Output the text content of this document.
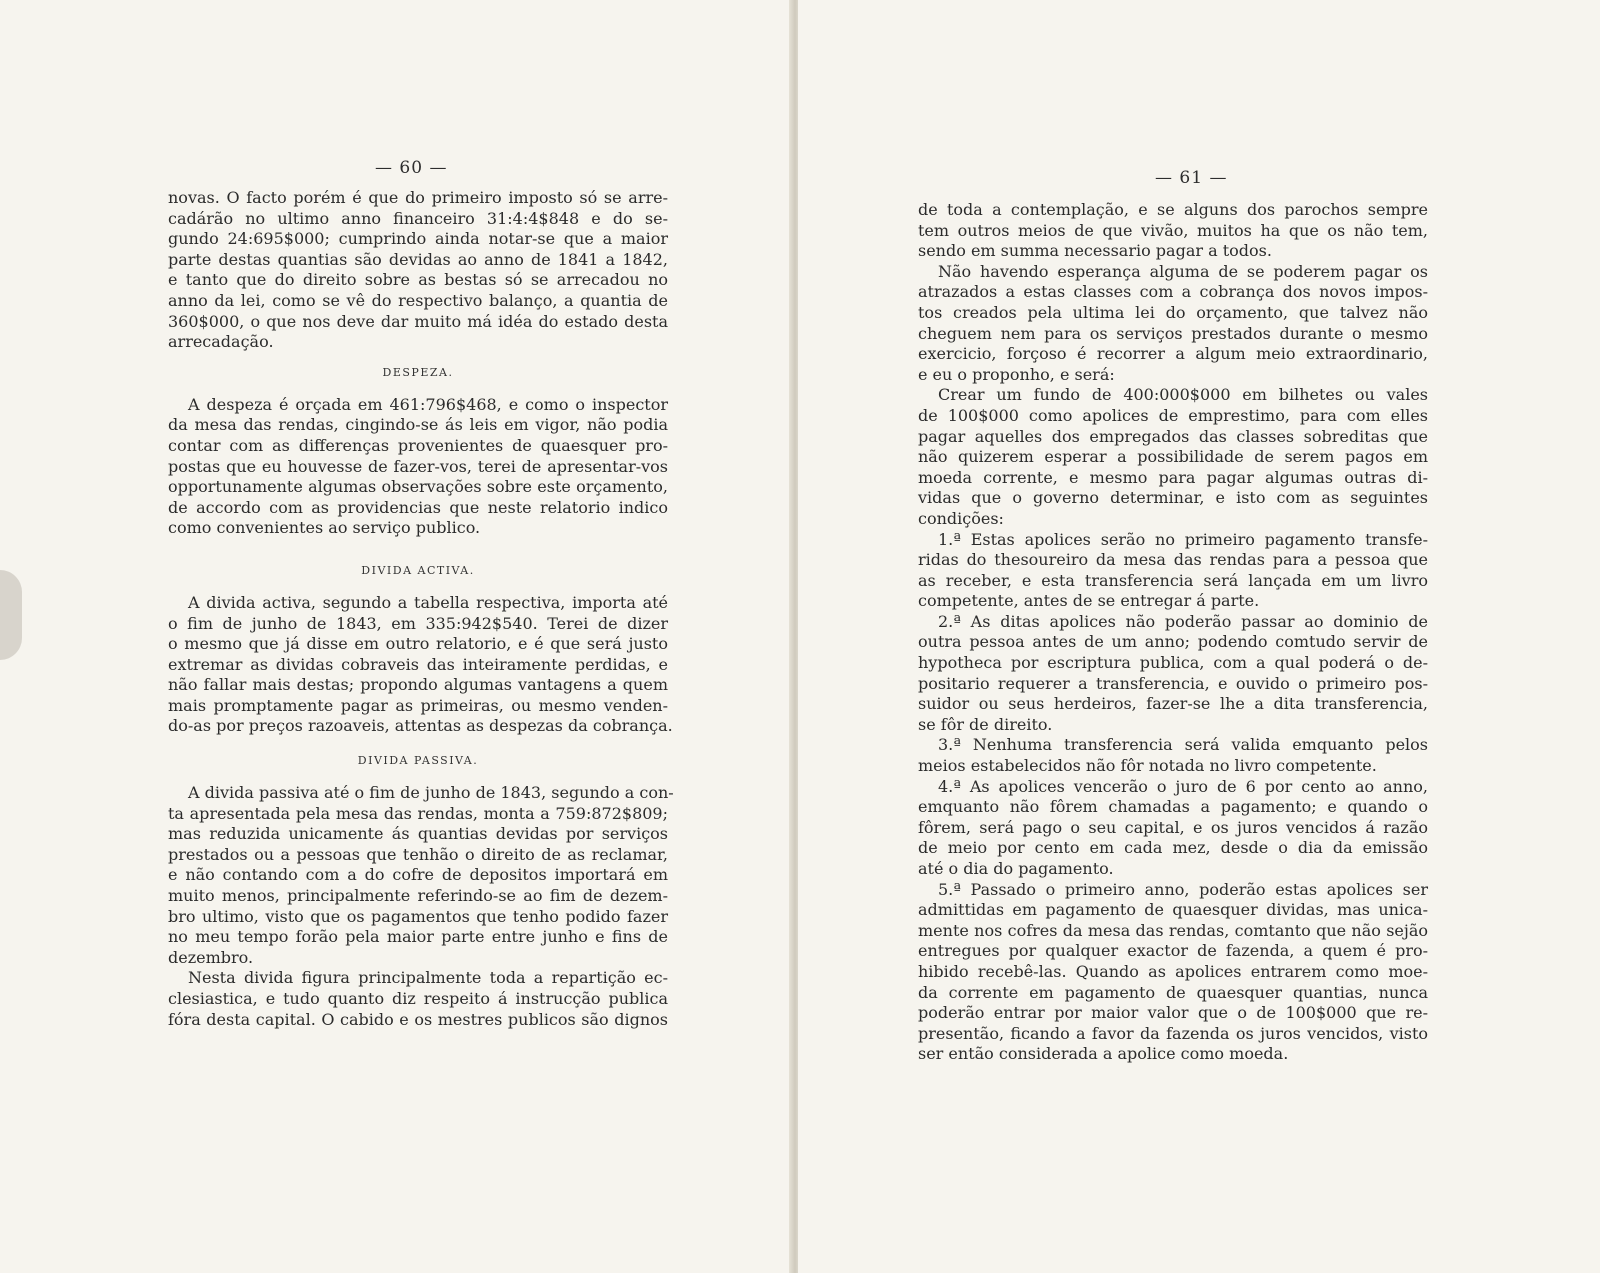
— 60 —
novas. O facto porém é que do primeiro imposto só se arre-
cadárão no ultimo anno financeiro 31:4:4$848 e do se-
gundo 24:695$000; cumprindo ainda notar-se que a maior
parte destas quantias são devidas ao anno de 1841 a 1842,
e tanto que do direito sobre as bestas só se arrecadou no
anno da lei, como se vê do respectivo balanço, a quantia de
360$000, o que nos deve dar muito má idéa do estado desta
arrecadação.
DESPEZA.
A despeza é orçada em 461:796$468, e como o inspector
da mesa das rendas, cingindo-se ás leis em vigor, não podia
contar com as differenças provenientes de quaesquer pro-
postas que eu houvesse de fazer-vos, terei de apresentar-vos
opportunamente algumas observações sobre este orçamento,
de accordo com as providencias que neste relatorio indico
como convenientes ao serviço publico.
DIVIDA ACTIVA.
A divida activa, segundo a tabella respectiva, importa até
o fim de junho de 1843, em 335:942$540. Terei de dizer
o mesmo que já disse em outro relatorio, e é que será justo
extremar as dividas cobraveis das inteiramente perdidas, e
não fallar mais destas; propondo algumas vantagens a quem
mais promptamente pagar as primeiras, ou mesmo venden-
do-as por preços razoaveis, attentas as despezas da cobrança.
DIVIDA PASSIVA.
A divida passiva até o fim de junho de 1843, segundo a con-
ta apresentada pela mesa das rendas, monta a 759:872$809;
mas reduzida unicamente ás quantias devidas por serviços
prestados ou a pessoas que tenhão o direito de as reclamar,
e não contando com a do cofre de depositos importará em
muito menos, principalmente referindo-se ao fim de dezem-
bro ultimo, visto que os pagamentos que tenho podido fazer
no meu tempo forão pela maior parte entre junho e fins de
dezembro.
Nesta divida figura principalmente toda a repartição ec-
clesiastica, e tudo quanto diz respeito á instrucção publica
fóra desta capital. O cabido e os mestres publicos são dignos
— 61 —
de toda a contemplação, e se alguns dos parochos sempre
tem outros meios de que vivão, muitos ha que os não tem,
sendo em summa necessario pagar a todos.
Não havendo esperança alguma de se poderem pagar os
atrazados a estas classes com a cobrança dos novos impos-
tos creados pela ultima lei do orçamento, que talvez não
cheguem nem para os serviços prestados durante o mesmo
exercicio, forçoso é recorrer a algum meio extraordinario,
e eu o proponho, e será:
Crear um fundo de 400:000$000 em bilhetes ou vales
de 100$000 como apolices de emprestimo, para com elles
pagar aquelles dos empregados das classes sobreditas que
não quizerem esperar a possibilidade de serem pagos em
moeda corrente, e mesmo para pagar algumas outras di-
vidas que o governo determinar, e isto com as seguintes
condições:
1.ª Estas apolices serão no primeiro pagamento transfe-
ridas do thesoureiro da mesa das rendas para a pessoa que
as receber, e esta transferencia será lançada em um livro
competente, antes de se entregar á parte.
2.ª As ditas apolices não poderão passar ao dominio de
outra pessoa antes de um anno; podendo comtudo servir de
hypotheca por escriptura publica, com a qual poderá o de-
positario requerer a transferencia, e ouvido o primeiro pos-
suidor ou seus herdeiros, fazer-se lhe a dita transferencia,
se fôr de direito.
3.ª Nenhuma transferencia será valida emquanto pelos
meios estabelecidos não fôr notada no livro competente.
4.ª As apolices vencerão o juro de 6 por cento ao anno,
emquanto não fôrem chamadas a pagamento; e quando o
fôrem, será pago o seu capital, e os juros vencidos á razão
de meio por cento em cada mez, desde o dia da emissão
até o dia do pagamento.
5.ª Passado o primeiro anno, poderão estas apolices ser
admittidas em pagamento de quaesquer dividas, mas unica-
mente nos cofres da mesa das rendas, comtanto que não sejão
entregues por qualquer exactor de fazenda, a quem é pro-
hibido recebê-las. Quando as apolices entrarem como moe-
da corrente em pagamento de quaesquer quantias, nunca
poderão entrar por maior valor que o de 100$000 que re-
presentão, ficando a favor da fazenda os juros vencidos, visto
ser então considerada a apolice como moeda.
